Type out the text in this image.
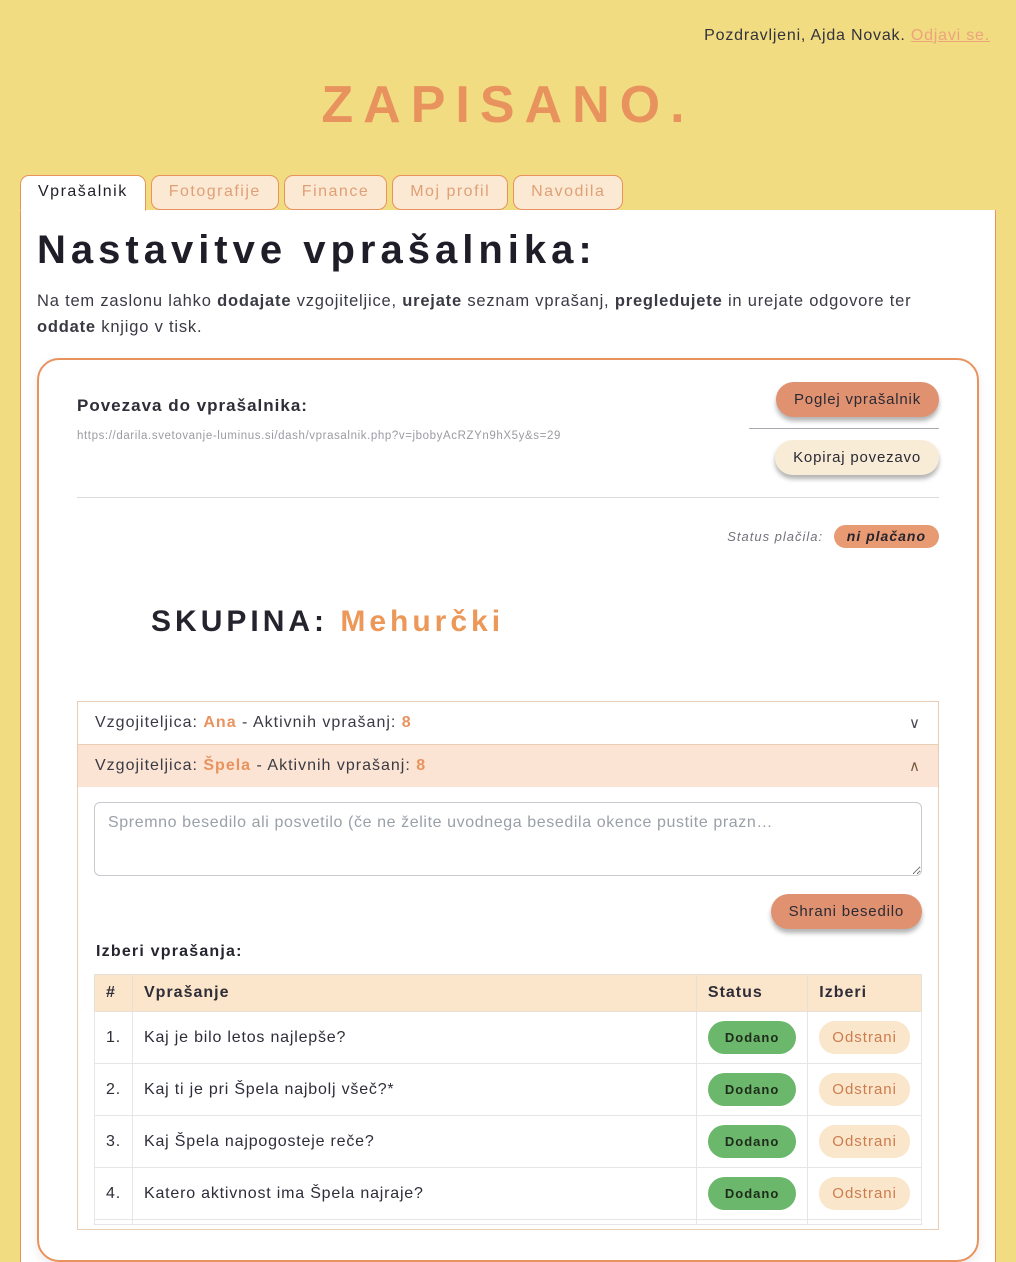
Pozdravljeni, Ajda Novak. Odjavi se.

ZAPISANO.
Vprašalnik	Fotografije	Finance	Moj profil	Navodila
Nastavitve vprašalnika:

Na tem zaslonu lahko dodajate vzgojiteljice, urejate seznam vprašanj, pregledujete in urejate odgovore ter oddate knjigo v tisk.

Povezava do vprašalnika:
https://darila.svetovanje-luminus.si/dash/vprasalnik.php?v=jbobyAcRZYn9hX5y&s=29
Poglej vprašalnik
Kopiraj povezavo

Status plačila: ni plačano

SKUPINA: Mehurčki

Vzgojiteljica: Ana - Aktivnih vprašanj: 8	∨
Vzgojiteljica: Špela - Aktivnih vprašanj: 8	∧
Spremno besedilo ali posvetilo (če ne želite uvodnega besedila okence pustite prazn…
Shrani besedilo
Izberi vprašanja:
#	Vprašanje	Status	Izberi
1.	Kaj je bilo letos najlepše?	Dodano	Odstrani
2.	Kaj ti je pri Špela najbolj všeč?*	Dodano	Odstrani
3.	Kaj Špela najpogosteje reče?	Dodano	Odstrani
4.	Katero aktivnost ima Špela najraje?	Dodano	Odstrani
